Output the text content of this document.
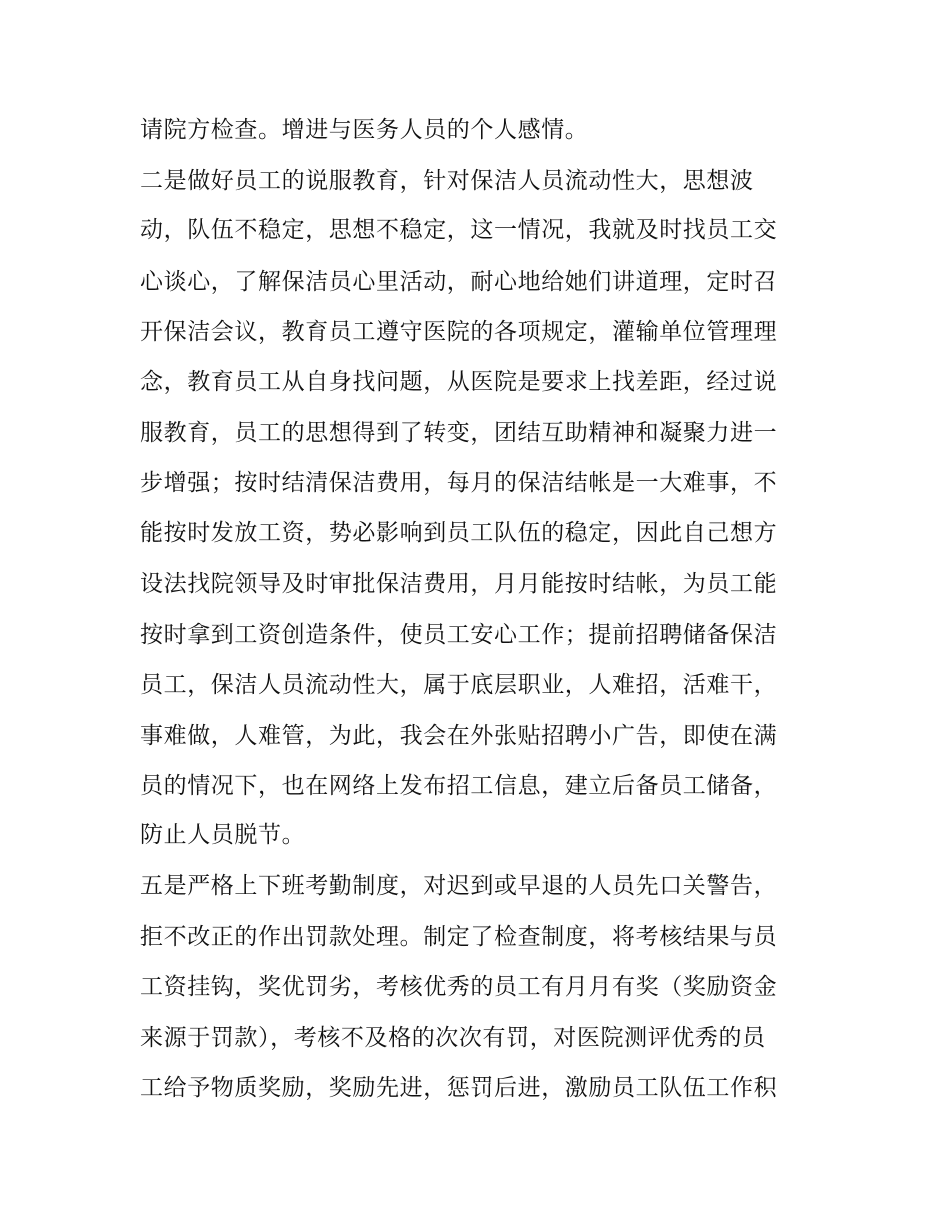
请院方检查。增进与医务人员的个人感情。
二是做好员工的说服教育，针对保洁人员流动性大，思想波
动，队伍不稳定，思想不稳定，这一情况，我就及时找员工交
心谈心，了解保洁员心里活动，耐心地给她们讲道理，定时召
开保洁会议，教育员工遵守医院的各项规定，灌输单位管理理
念，教育员工从自身找问题，从医院是要求上找差距，经过说
服教育，员工的思想得到了转变，团结互助精神和凝聚力进一
步增强；按时结清保洁费用，每月的保洁结帐是一大难事，不
能按时发放工资，势必影响到员工队伍的稳定，因此自己想方
设法找院领导及时审批保洁费用，月月能按时结帐，为员工能
按时拿到工资创造条件，使员工安心工作；提前招聘储备保洁
员工，保洁人员流动性大，属于底层职业，人难招，活难干，
事难做，人难管，为此，我会在外张贴招聘小广告，即使在满
员的情况下，也在网络上发布招工信息，建立后备员工储备，
防止人员脱节。
五是严格上下班考勤制度，对迟到或早退的人员先口关警告，
拒不改正的作出罚款处理。制定了检查制度，将考核结果与员
工资挂钩，奖优罚劣，考核优秀的员工有月月有奖（奖励资金
来源于罚款），考核不及格的次次有罚，对医院测评优秀的员
工给予物质奖励，奖励先进，惩罚后进，激励员工队伍工作积
